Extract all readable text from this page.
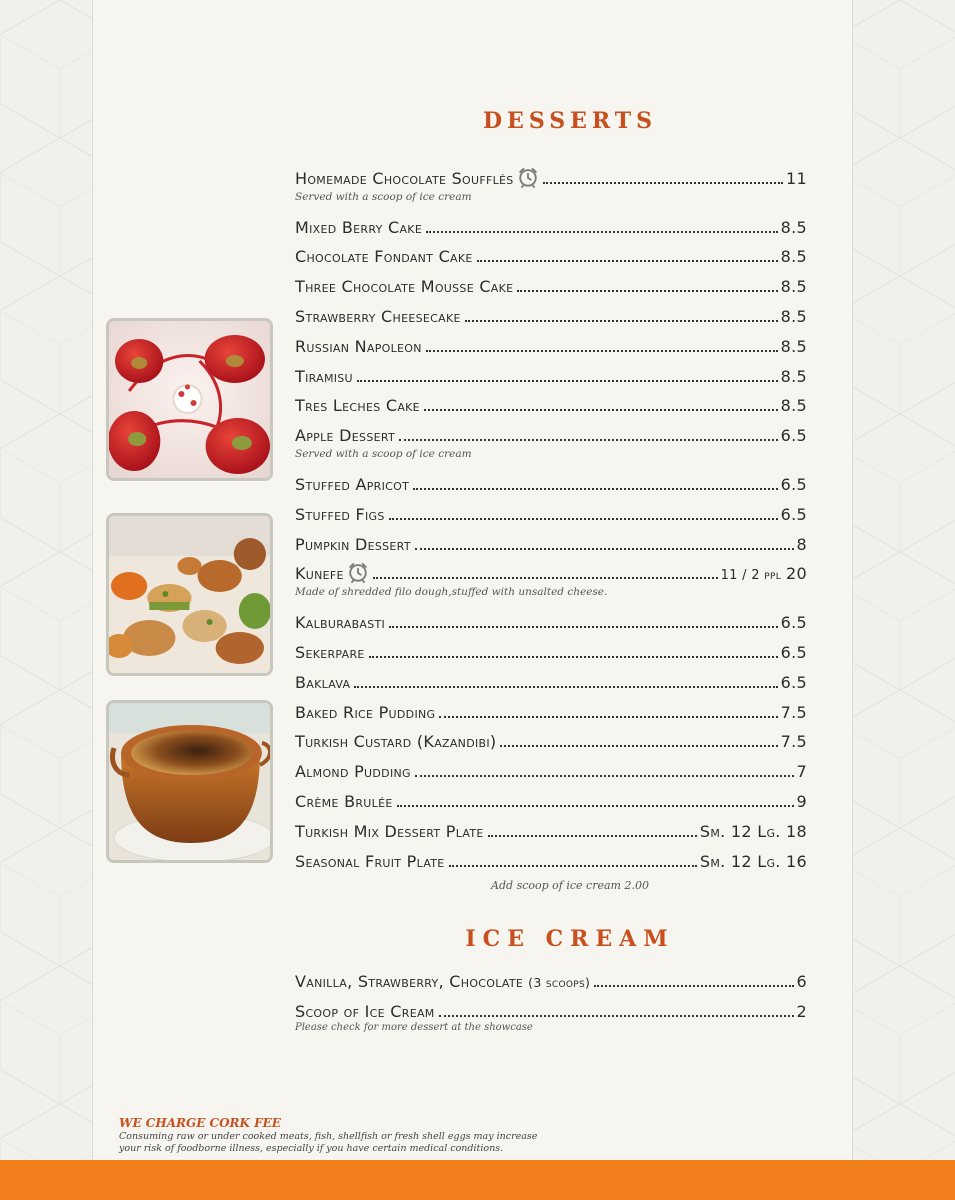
DESSERTS
Homemade Chocolate Soufflés	11
Served with a scoop of ice cream
Mixed Berry Cake	8.5
Chocolate Fondant Cake	8.5
Three Chocolate Mousse Cake	8.5
Strawberry Cheesecake	8.5
Russian Napoleon	8.5
Tiramisu	8.5
Tres Leches Cake	8.5
Apple Dessert	6.5
Served with a scoop of ice cream
Stuffed Apricot	6.5
Stuffed Figs	6.5
Pumpkin Dessert	8
Kunefe	11 / 2 ppl 20
Made of shredded filo dough,stuffed with unsalted cheese.
Kalburabasti	6.5
Sekerpare	6.5
Baklava	6.5
Baked Rice Pudding	7.5
Turkish Custard (Kazandibi)	7.5
Almond Pudding	7
Crème Brulée	9
Turkish Mix Dessert Plate	Sm. 12 Lg. 18
Seasonal Fruit Plate	Sm. 12 Lg. 16

Add scoop of ice cream 2.00

ICE CREAM
Vanilla, Strawberry, Chocolate (3 scoops)	6
Scoop of Ice Cream	2

Please check for more dessert at the showcase

WE CHARGE CORK FEE

Consuming raw or under cooked meats, fish, shellfish or fresh shell eggs may increase your risk of foodborne illness, especially if you have certain medical conditions.
